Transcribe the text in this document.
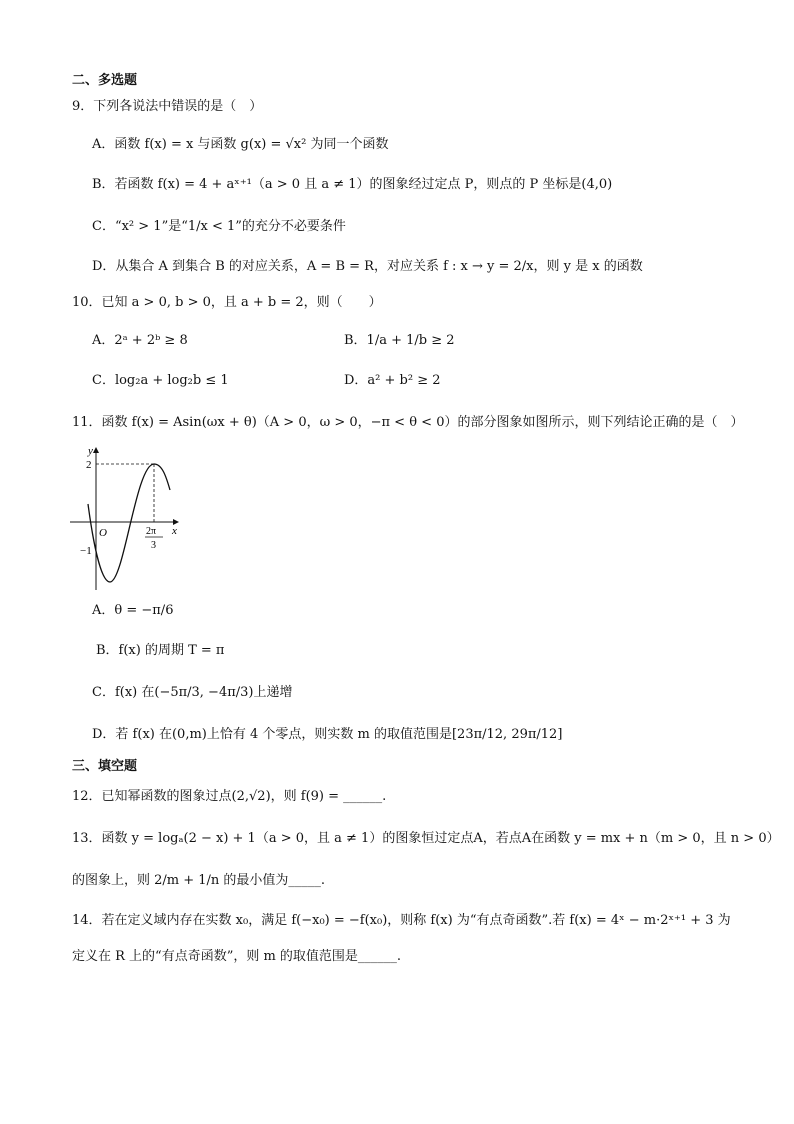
二、多选题
9．下列各说法中错误的是（　）
A．函数 f(x) = x 与函数 g(x) = √x² 为同一个函数
B．若函数 f(x) = 4 + aˣ⁺¹（a > 0 且 a ≠ 1）的图象经过定点 P，则点的 P 坐标是(4,0)
C．“x² > 1”是“1/x < 1”的充分不必要条件
D．从集合 A 到集合 B 的对应关系，A = B = R，对应关系 f : x → y = 2/x，则 y 是 x 的函数
10．已知 a > 0, b > 0，且 a + b = 2，则（　　）
A．2ᵃ + 2ᵇ ≥ 8	B．1/a + 1/b ≥ 2
C．log₂a + log₂b ≤ 1	D．a² + b² ≥ 2
11．函数 f(x) = Asin(ωx + θ)（A > 0，ω > 0，−π < θ < 0）的部分图象如图所示，则下列结论正确的是（　）
y
x
O
2
−1
2π
3
A．θ = −π/6
B．f(x) 的周期 T = π
C．f(x) 在(−5π/3, −4π/3)上递增
D．若 f(x) 在(0,m)上恰有 4 个零点，则实数 m 的取值范围是[23π/12, 29π/12]
三、填空题
12．已知幂函数的图象过点(2,√2)，则 f(9) = ______.
13．函数 y = logₐ(2 − x) + 1（a > 0，且 a ≠ 1）的图象恒过定点A，若点A在函数 y = mx + n（m > 0，且 n > 0）
的图象上，则 2/m + 1/n 的最小值为_____.
14．若在定义域内存在实数 x₀，满足 f(−x₀) = −f(x₀)，则称 f(x) 为“有点奇函数”.若 f(x) = 4ˣ − m·2ˣ⁺¹ + 3 为
定义在 R 上的“有点奇函数”，则 m 的取值范围是______.
